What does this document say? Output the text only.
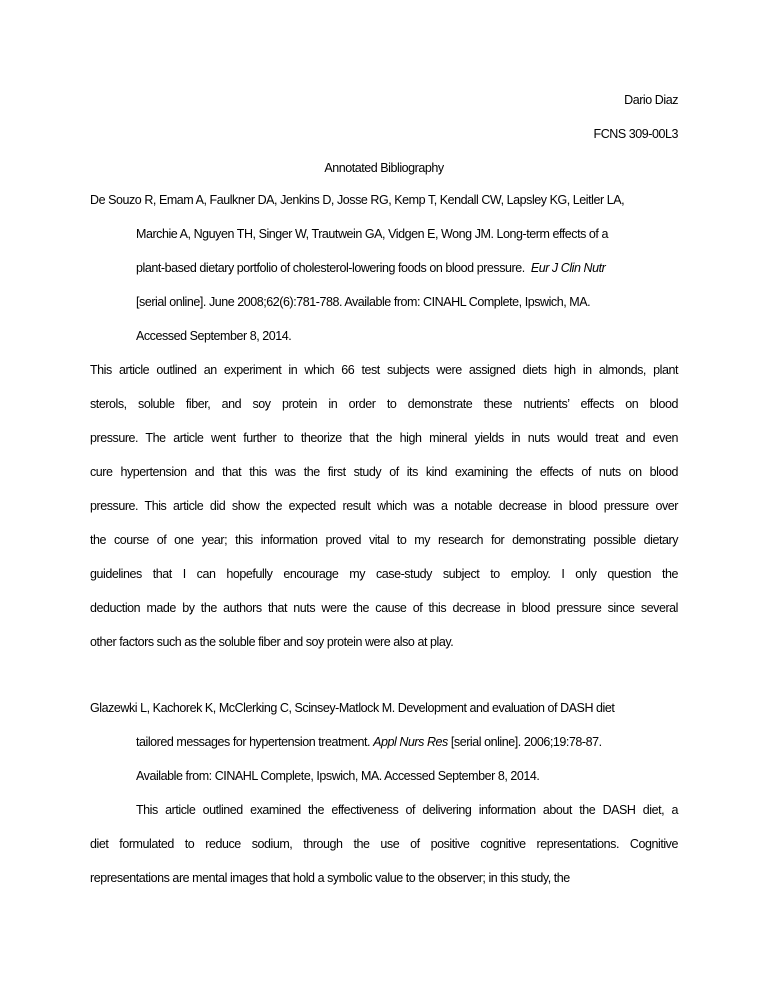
Dario Diaz

FCNS 309-00L3

Annotated Bibliography

De Souzo R, Emam A, Faulkner DA, Jenkins D, Josse RG, Kemp T, Kendall CW, Lapsley KG, Leitler LA,

Marchie A, Nguyen TH, Singer W, Trautwein GA, Vidgen E, Wong JM. Long-term effects of a

plant-based dietary portfolio of cholesterol-lowering foods on blood pressure. Eur J Clin Nutr

[serial online]. June 2008;62(6):781-788. Available from: CINAHL Complete, Ipswich, MA.

Accessed September 8, 2014.

This article outlined an experiment in which 66 test subjects were assigned diets high in almonds, plant

sterols, soluble fiber, and soy protein in order to demonstrate these nutrients’ effects on blood

pressure. The article went further to theorize that the high mineral yields in nuts would treat and even

cure hypertension and that this was the first study of its kind examining the effects of nuts on blood

pressure. This article did show the expected result which was a notable decrease in blood pressure over

the course of one year; this information proved vital to my research for demonstrating possible dietary

guidelines that I can hopefully encourage my case-study subject to employ. I only question the

deduction made by the authors that nuts were the cause of this decrease in blood pressure since several

other factors such as the soluble fiber and soy protein were also at play.

Glazewki L, Kachorek K, McClerking C, Scinsey-Matlock M. Development and evaluation of DASH diet

tailored messages for hypertension treatment. Appl Nurs Res [serial online]. 2006;19:78-87.

Available from: CINAHL Complete, Ipswich, MA. Accessed September 8, 2014.

This article outlined examined the effectiveness of delivering information about the DASH diet, a

diet formulated to reduce sodium, through the use of positive cognitive representations. Cognitive

representations are mental images that hold a symbolic value to the observer; in this study, the
